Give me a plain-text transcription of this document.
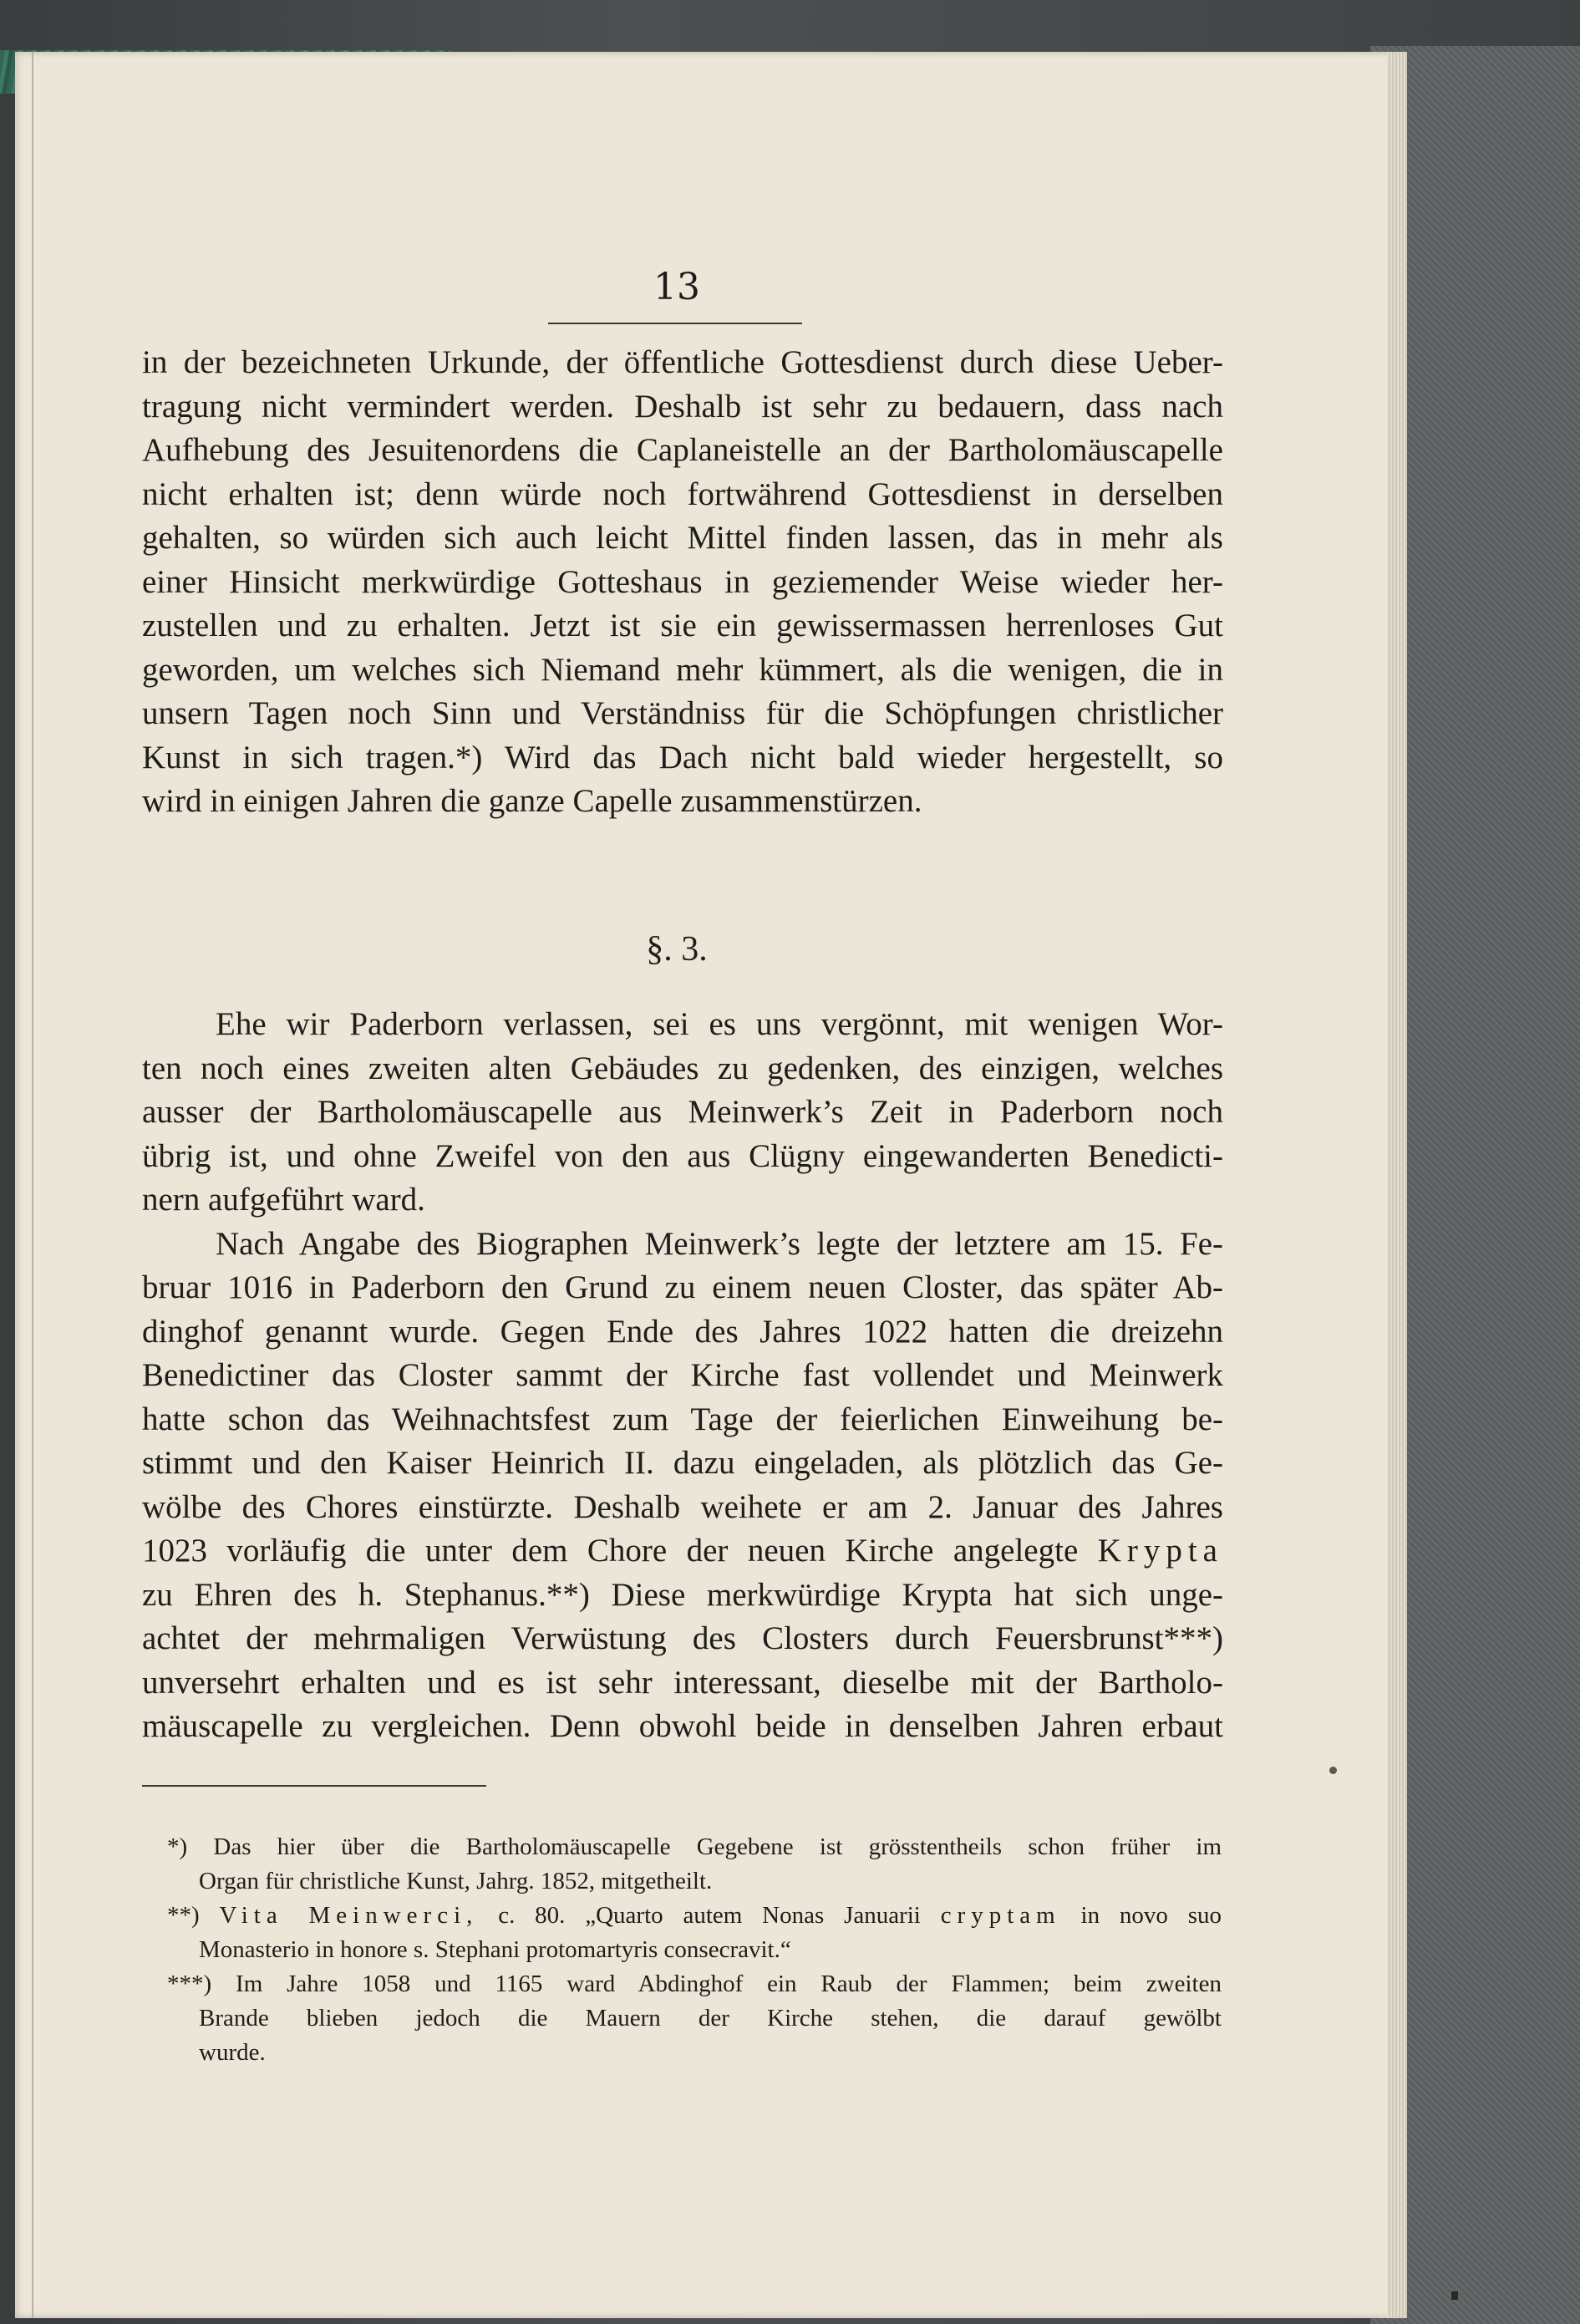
13
in der bezeichneten Urkunde, der öffentliche Gottesdienst durch diese Ueber-
tragung nicht vermindert werden. Deshalb ist sehr zu bedauern, dass nach
Aufhebung des Jesuitenordens die Caplaneistelle an der Bartholomäuscapelle
nicht erhalten ist; denn würde noch fortwährend Gottesdienst in derselben
gehalten, so würden sich auch leicht Mittel finden lassen, das in mehr als
einer Hinsicht merkwürdige Gotteshaus in geziemender Weise wieder her-
zustellen und zu erhalten. Jetzt ist sie ein gewissermassen herrenloses Gut
geworden, um welches sich Niemand mehr kümmert, als die wenigen, die in
unsern Tagen noch Sinn und Verständniss für die Schöpfungen christlicher
Kunst in sich tragen.*) Wird das Dach nicht bald wieder hergestellt, so
wird in einigen Jahren die ganze Capelle zusammenstürzen.
§. 3.
Ehe wir Paderborn verlassen, sei es uns vergönnt, mit wenigen Wor-
ten noch eines zweiten alten Gebäudes zu gedenken, des einzigen, welches
ausser der Bartholomäuscapelle aus Meinwerk’s Zeit in Paderborn noch
übrig ist, und ohne Zweifel von den aus Clügny eingewanderten Benedicti-
nern aufgeführt ward.
Nach Angabe des Biographen Meinwerk’s legte der letztere am 15. Fe-
bruar 1016 in Paderborn den Grund zu einem neuen Closter, das später Ab-
dinghof genannt wurde. Gegen Ende des Jahres 1022 hatten die dreizehn
Benedictiner das Closter sammt der Kirche fast vollendet und Meinwerk
hatte schon das Weihnachtsfest zum Tage der feierlichen Einweihung be-
stimmt und den Kaiser Heinrich II. dazu eingeladen, als plötzlich das Ge-
wölbe des Chores einstürzte. Deshalb weihete er am 2. Januar des Jahres
1023 vorläufig die unter dem Chore der neuen Kirche angelegte Krypta
zu Ehren des h. Stephanus.**) Diese merkwürdige Krypta hat sich unge-
achtet der mehrmaligen Verwüstung des Closters durch Feuersbrunst***)
unversehrt erhalten und es ist sehr interessant, dieselbe mit der Bartholo-
mäuscapelle zu vergleichen. Denn obwohl beide in denselben Jahren erbaut
*) Das hier über die Bartholomäuscapelle Gegebene ist grösstentheils schon früher im
Organ für christliche Kunst, Jahrg. 1852, mitgetheilt.
**) Vita Meinwerci, c. 80. „Quarto autem Nonas Januarii cryptam in novo suo
Monasterio in honore s. Stephani protomartyris consecravit.“
***) Im Jahre 1058 und 1165 ward Abdinghof ein Raub der Flammen; beim zweiten
Brande blieben jedoch die Mauern der Kirche stehen, die darauf gewölbt
wurde.
